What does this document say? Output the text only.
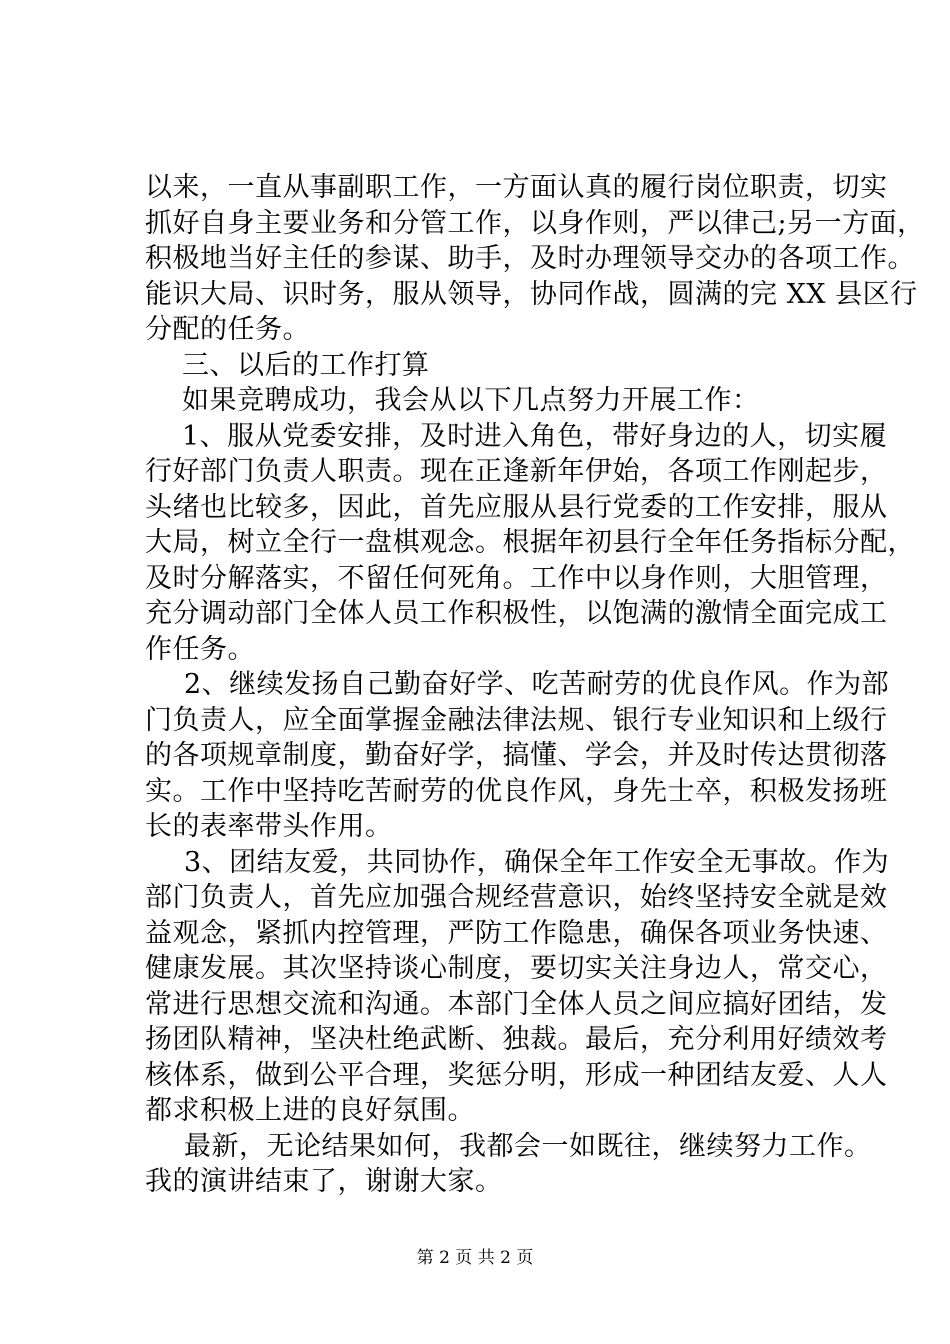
以来，一直从事副职工作，一方面认真的履行岗位职责，切实
抓好自身主要业务和分管工作，以身作则，严以律己;另一方面，
积极地当好主任的参谋、助手，及时办理领导交办的各项工作。
能识大局、识时务，服从领导，协同作战，圆满的完 XX 县区行
分配的任务。
三、以后的工作打算
如果竞聘成功，我会从以下几点努力开展工作：
1、服从党委安排，及时进入角色，带好身边的人，切实履
行好部门负责人职责。现在正逢新年伊始，各项工作刚起步，
头绪也比较多，因此，首先应服从县行党委的工作安排，服从
大局，树立全行一盘棋观念。根据年初县行全年任务指标分配，
及时分解落实，不留任何死角。工作中以身作则，大胆管理，
充分调动部门全体人员工作积极性，以饱满的激情全面完成工
作任务。
2、继续发扬自己勤奋好学、吃苦耐劳的优良作风。作为部
门负责人，应全面掌握金融法律法规、银行专业知识和上级行
的各项规章制度，勤奋好学，搞懂、学会，并及时传达贯彻落
实。工作中坚持吃苦耐劳的优良作风，身先士卒，积极发扬班
长的表率带头作用。
3、团结友爱，共同协作，确保全年工作安全无事故。作为
部门负责人，首先应加强合规经营意识，始终坚持安全就是效
益观念，紧抓内控管理，严防工作隐患，确保各项业务快速、
健康发展。其次坚持谈心制度，要切实关注身边人，常交心，
常进行思想交流和沟通。本部门全体人员之间应搞好团结，发
扬团队精神，坚决杜绝武断、独裁。最后，充分利用好绩效考
核体系，做到公平合理，奖惩分明，形成一种团结友爱、人人
都求积极上进的良好氛围。
最新，无论结果如何，我都会一如既往，继续努力工作。
我的演讲结束了，谢谢大家。

第 2 页 共 2 页
